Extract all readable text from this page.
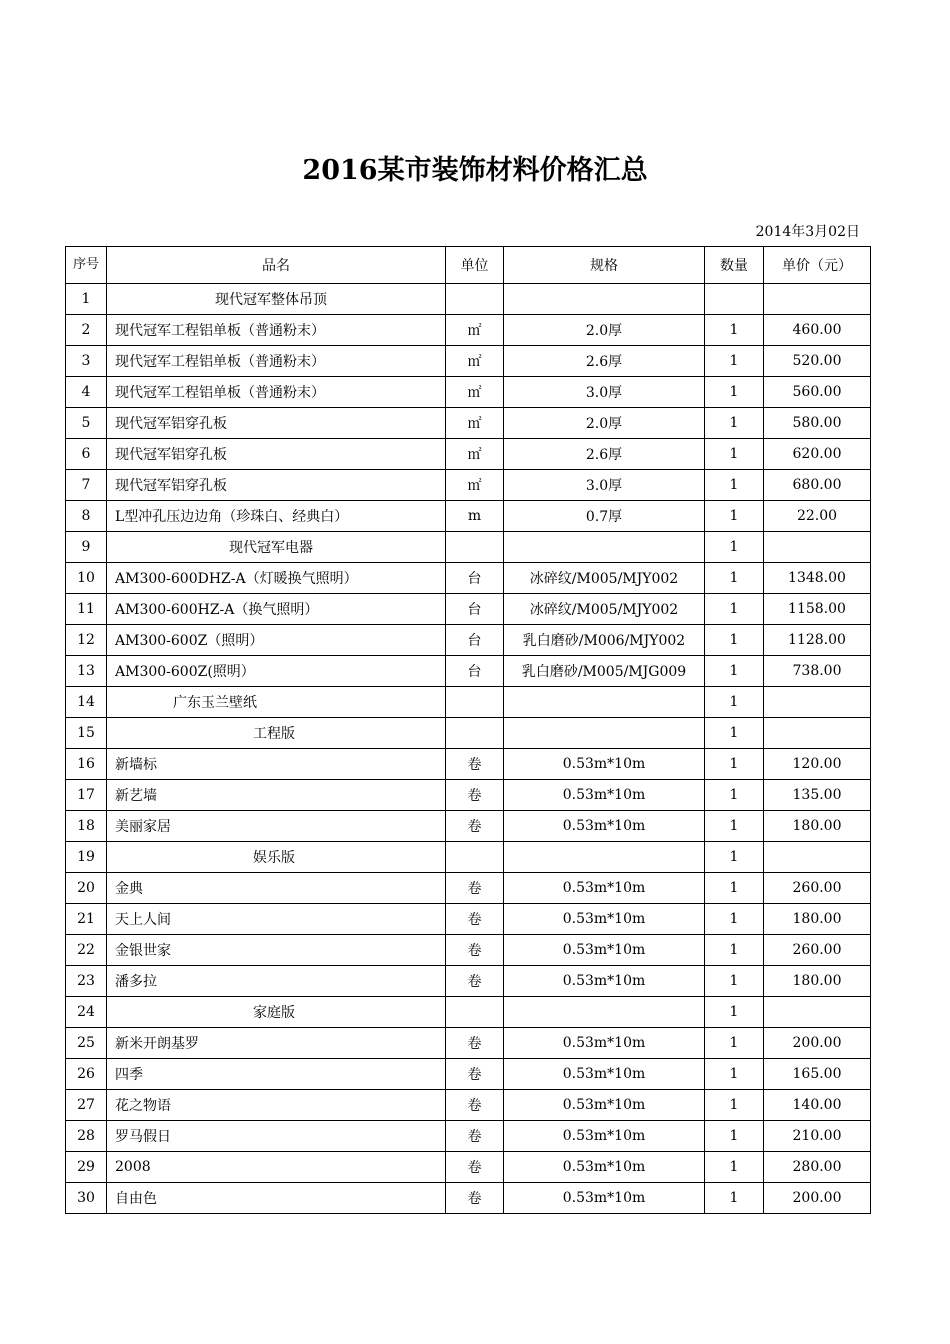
2016某市装饰材料价格汇总
2014年3月02日
序号	品名	单位	规格	数量	单价（元）
1	现代冠军整体吊顶				
2	现代冠军工程铝单板（普通粉末）	㎡	2.0厚	1	460.00
3	现代冠军工程铝单板（普通粉末）	㎡	2.6厚	1	520.00
4	现代冠军工程铝单板（普通粉末）	㎡	3.0厚	1	560.00
5	现代冠军铝穿孔板	㎡	2.0厚	1	580.00
6	现代冠军铝穿孔板	㎡	2.6厚	1	620.00
7	现代冠军铝穿孔板	㎡	3.0厚	1	680.00
8	L型冲孔压边边角（珍珠白、经典白）	m	0.7厚	1	22.00
9	现代冠军电器			1	
10	AM300-600DHZ-A（灯暖换气照明）	台	冰碎纹/M005/MJY002	1	1348.00
11	AM300-600HZ-A（换气照明）	台	冰碎纹/M005/MJY002	1	1158.00
12	AM300-600Z（照明）	台	乳白磨砂/M006/MJY002	1	1128.00
13	AM300-600Z(照明）	台	乳白磨砂/M005/MJG009	1	738.00
14	广东玉兰壁纸			1	
15	工程版			1	
16	新墙标	卷	0.53m*10m	1	120.00
17	新艺墙	卷	0.53m*10m	1	135.00
18	美丽家居	卷	0.53m*10m	1	180.00
19	娱乐版			1	
20	金典	卷	0.53m*10m	1	260.00
21	天上人间	卷	0.53m*10m	1	180.00
22	金银世家	卷	0.53m*10m	1	260.00
23	潘多拉	卷	0.53m*10m	1	180.00
24	家庭版			1	
25	新米开朗基罗	卷	0.53m*10m	1	200.00
26	四季	卷	0.53m*10m	1	165.00
27	花之物语	卷	0.53m*10m	1	140.00
28	罗马假日	卷	0.53m*10m	1	210.00
29	2008	卷	0.53m*10m	1	280.00
30	自由色	卷	0.53m*10m	1	200.00
